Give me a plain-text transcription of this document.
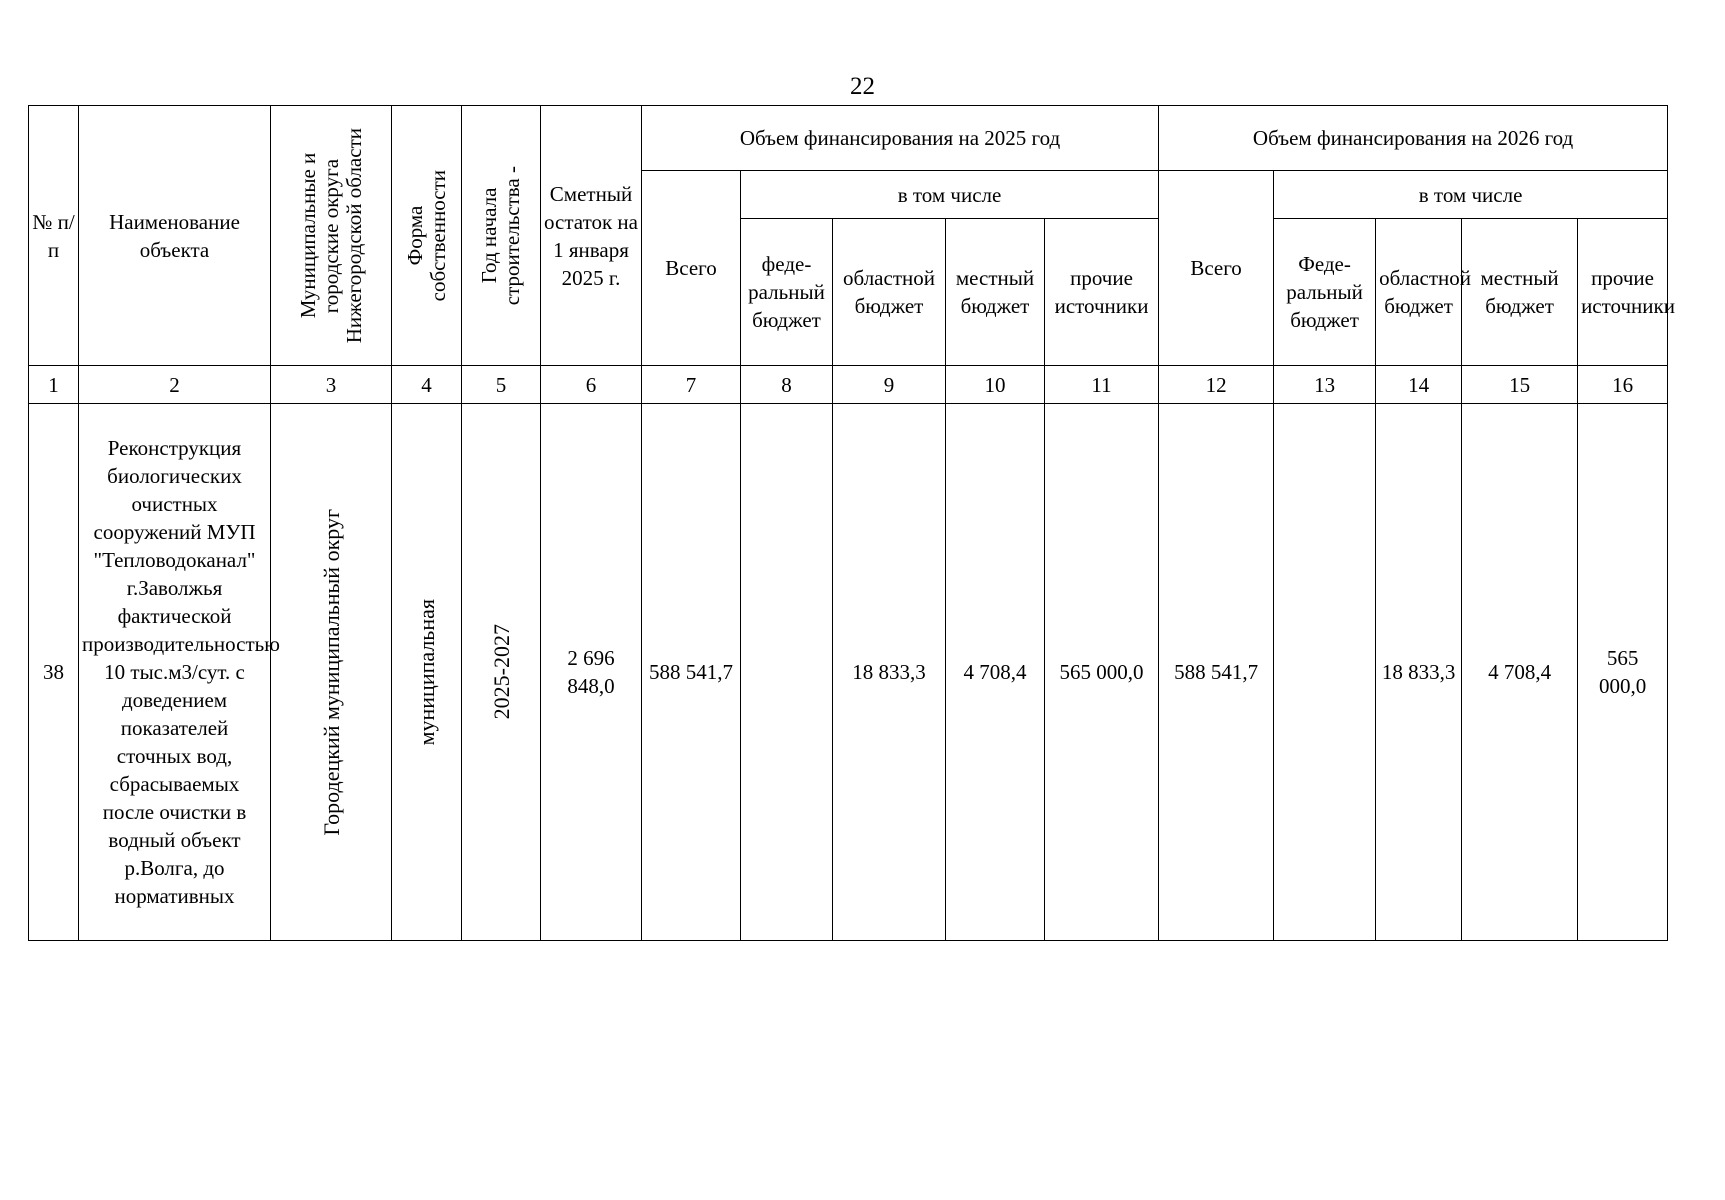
22
№ п/ п	Наименование объекта	Муниципальные и городские округа Нижегородской области	Форма собственности	Год начала строительства -	Сметный остаток на 1 января 2025 г.	Объем финансирования на 2025 год					Объем финансирования на 2026 год				
						Всего	в том числе				Всего	в том числе			
							феде- ральный бюджет	областной бюджет	местный бюджет	прочие источники		Феде- ральный бюджет	областной бюджет	местный бюджет	прочие источники
1	2	3	4	5	6	7	8	9	10	11	12	13	14	15	16
38	Реконструкция биологических очистных сооружений МУП "Тепловодоканал" г.Заволжья фактической производительностью 10 тыс.м3/сут. с доведением показателей сточных вод, сбрасываемых после очистки в водный объект р.Волга, до нормативных	Городецкий муниципальный округ	муниципальная	2025-2027	2 696 848,0	588 541,7		18 833,3	4 708,4	565 000,0	588 541,7		18 833,3	4 708,4	565 000,0
